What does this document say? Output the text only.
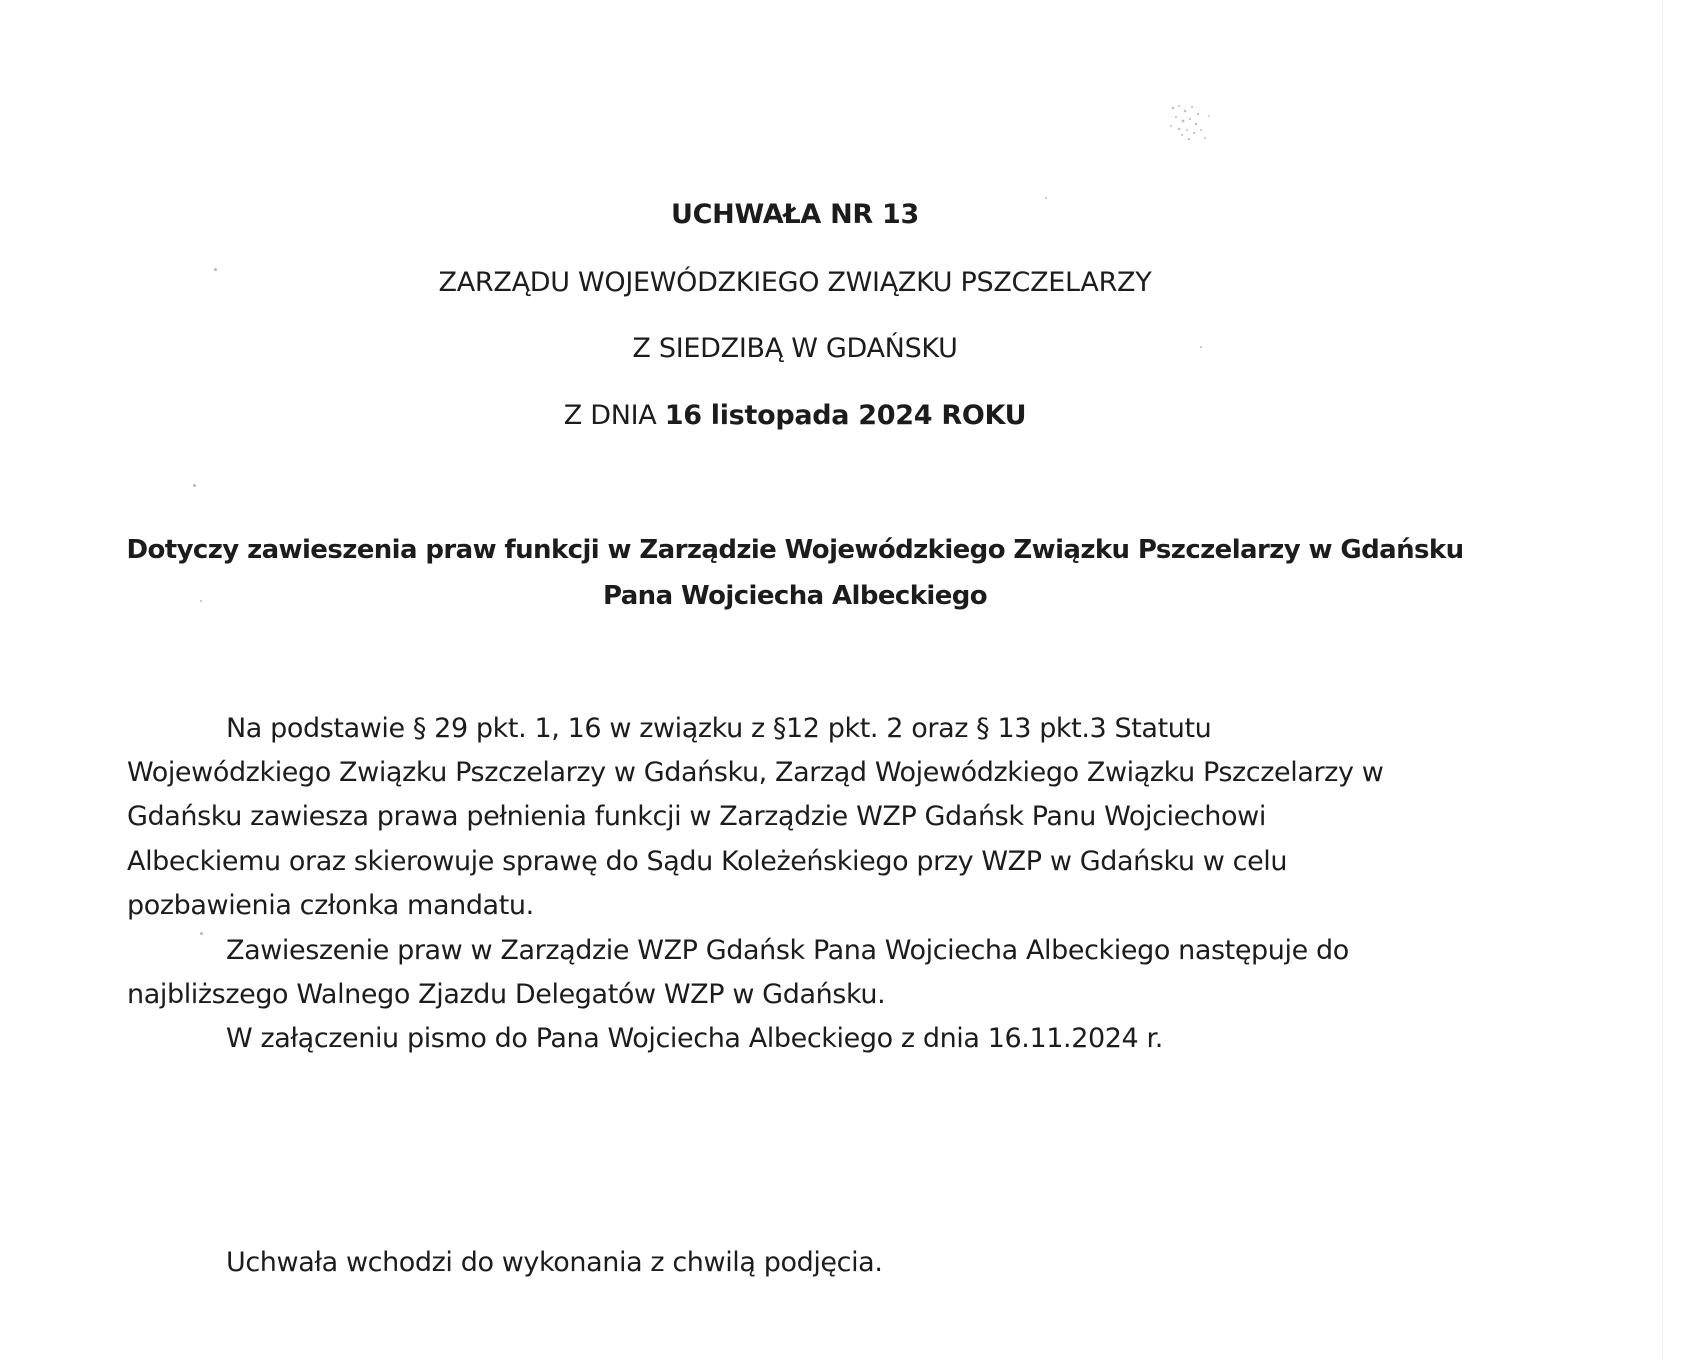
UCHWAŁA NR 13
ZARZĄDU WOJEWÓDZKIEGO ZWIĄZKU PSZCZELARZY
Z SIEDZIBĄ W GDAŃSKU
Z DNIA 16 listopada 2024 ROKU
Dotyczy zawieszenia praw funkcji w Zarządzie Wojewódzkiego Związku Pszczelarzy w Gdańsku
Pana Wojciecha Albeckiego
Na podstawie § 29 pkt. 1, 16 w związku z §12 pkt. 2 oraz § 13 pkt.3 Statutu
Wojewódzkiego Związku Pszczelarzy w Gdańsku, Zarząd Wojewódzkiego Związku Pszczelarzy w
Gdańsku zawiesza prawa pełnienia funkcji w Zarządzie WZP Gdańsk Panu Wojciechowi
Albeckiemu oraz skierowuje sprawę do Sądu Koleżeńskiego przy WZP w Gdańsku w celu
pozbawienia członka mandatu.
Zawieszenie praw w Zarządzie WZP Gdańsk Pana Wojciecha Albeckiego następuje do
najbliższego Walnego Zjazdu Delegatów WZP w Gdańsku.
W załączeniu pismo do Pana Wojciecha Albeckiego z dnia 16.11.2024 r.
Uchwała wchodzi do wykonania z chwilą podjęcia.
